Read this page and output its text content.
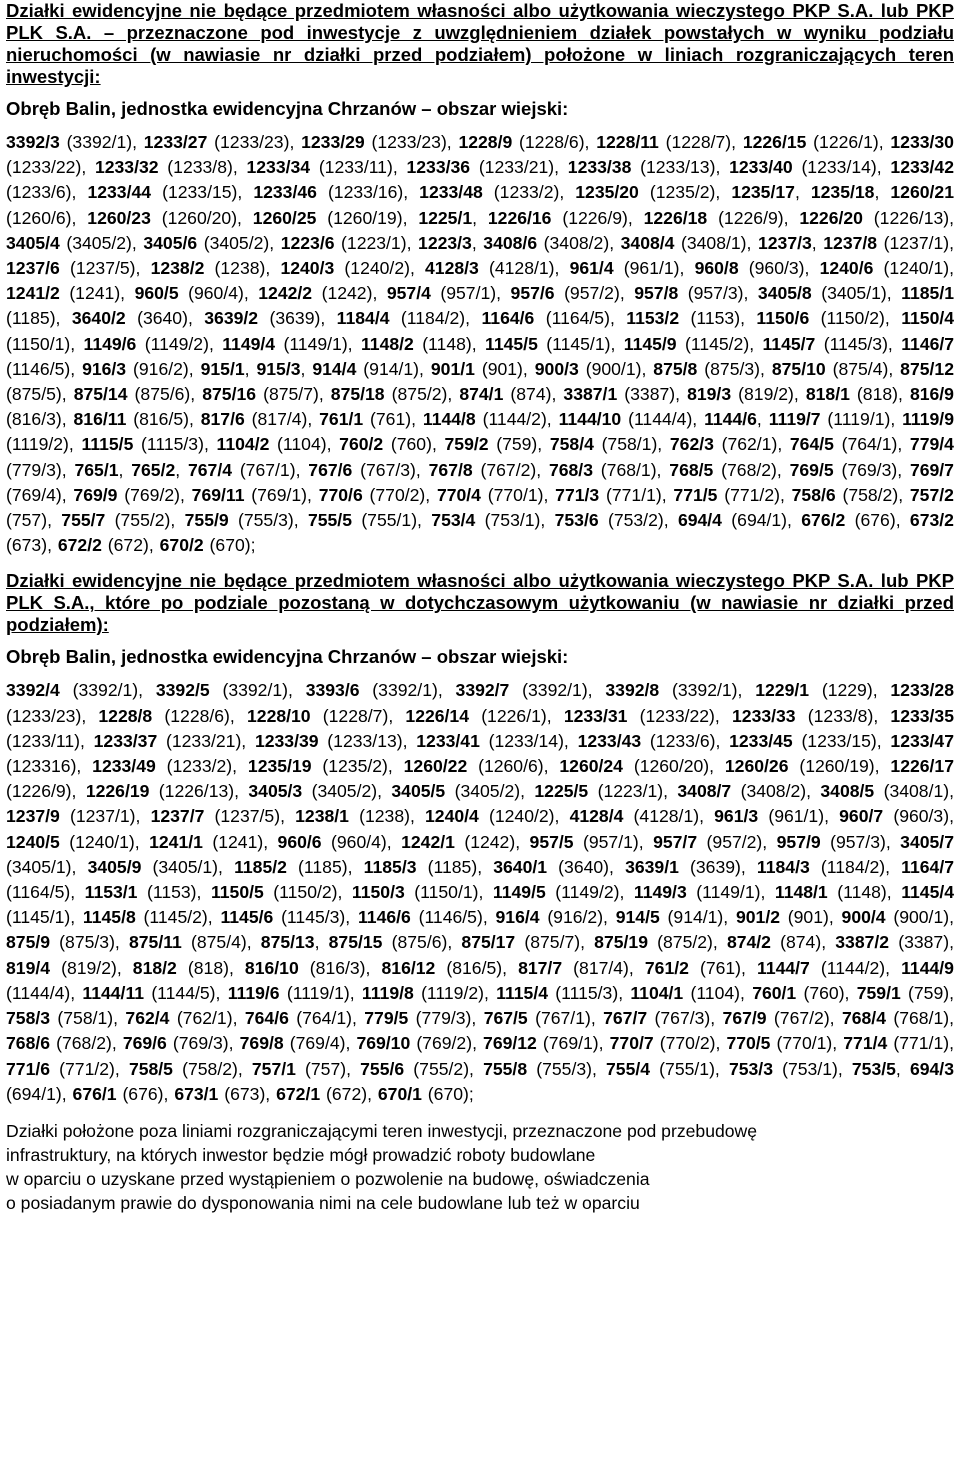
Działki ewidencyjne nie będące przedmiotem własności albo użytkowania wieczystego PKP S.A. lub PKP PLK S.A. – przeznaczone pod inwestycje z uwzględnieniem działek powstałych w wyniku podziału nieruchomości (w nawiasie nr działki przed podziałem) położone w liniach rozgraniczających teren inwestycji:

Obręb Balin, jednostka ewidencyjna Chrzanów – obszar wiejski:

3392/3 (3392/1), 1233/27 (1233/23), 1233/29 (1233/23), 1228/9 (1228/6), 1228/11 (1228/7), 1226/15 (1226/1), 1233/30 (1233/22), 1233/32 (1233/8), 1233/34 (1233/11), 1233/36 (1233/21), 1233/38 (1233/13), 1233/40 (1233/14), 1233/42 (1233/6), 1233/44 (1233/15), 1233/46 (1233/16), 1233/48 (1233/2), 1235/20 (1235/2), 1235/17, 1235/18, 1260/21 (1260/6), 1260/23 (1260/20), 1260/25 (1260/19), 1225/1, 1226/16 (1226/9), 1226/18 (1226/9), 1226/20 (1226/13), 3405/4 (3405/2), 3405/6 (3405/2), 1223/6 (1223/1), 1223/3, 3408/6 (3408/2), 3408/4 (3408/1), 1237/3, 1237/8 (1237/1), 1237/6 (1237/5), 1238/2 (1238), 1240/3 (1240/2), 4128/3 (4128/1), 961/4 (961/1), 960/8 (960/3), 1240/6 (1240/1), 1241/2 (1241), 960/5 (960/4), 1242/2 (1242), 957/4 (957/1), 957/6 (957/2), 957/8 (957/3), 3405/8 (3405/1), 1185/1 (1185), 3640/2 (3640), 3639/2 (3639), 1184/4 (1184/2), 1164/6 (1164/5), 1153/2 (1153), 1150/6 (1150/2), 1150/4 (1150/1), 1149/6 (1149/2), 1149/4 (1149/1), 1148/2 (1148), 1145/5 (1145/1), 1145/9 (1145/2), 1145/7 (1145/3), 1146/7 (1146/5), 916/3 (916/2), 915/1, 915/3, 914/4 (914/1), 901/1 (901), 900/3 (900/1), 875/8 (875/3), 875/10 (875/4), 875/12 (875/5), 875/14 (875/6), 875/16 (875/7), 875/18 (875/2), 874/1 (874), 3387/1 (3387), 819/3 (819/2), 818/1 (818), 816/9 (816/3), 816/11 (816/5), 817/6 (817/4), 761/1 (761), 1144/8 (1144/2), 1144/10 (1144/4), 1144/6, 1119/7 (1119/1), 1119/9 (1119/2), 1115/5 (1115/3), 1104/2 (1104), 760/2 (760), 759/2 (759), 758/4 (758/1), 762/3 (762/1), 764/5 (764/1), 779/4 (779/3), 765/1, 765/2, 767/4 (767/1), 767/6 (767/3), 767/8 (767/2), 768/3 (768/1), 768/5 (768/2), 769/5 (769/3), 769/7 (769/4), 769/9 (769/2), 769/11 (769/1), 770/6 (770/2), 770/4 (770/1), 771/3 (771/1), 771/5 (771/2), 758/6 (758/2), 757/2 (757), 755/7 (755/2), 755/9 (755/3), 755/5 (755/1), 753/4 (753/1), 753/6 (753/2), 694/4 (694/1), 676/2 (676), 673/2 (673), 672/2 (672), 670/2 (670);

Działki ewidencyjne nie będące przedmiotem własności albo użytkowania wieczystego PKP S.A. lub PKP PLK S.A., które po podziale pozostaną w dotychczasowym użytkowaniu (w nawiasie nr działki przed podziałem):

Obręb Balin, jednostka ewidencyjna Chrzanów – obszar wiejski:

3392/4 (3392/1), 3392/5 (3392/1), 3393/6 (3392/1), 3392/7 (3392/1), 3392/8 (3392/1), 1229/1 (1229), 1233/28 (1233/23), 1228/8 (1228/6), 1228/10 (1228/7), 1226/14 (1226/1), 1233/31 (1233/22), 1233/33 (1233/8), 1233/35 (1233/11), 1233/37 (1233/21), 1233/39 (1233/13), 1233/41 (1233/14), 1233/43 (1233/6), 1233/45 (1233/15), 1233/47 (123316), 1233/49 (1233/2), 1235/19 (1235/2), 1260/22 (1260/6), 1260/24 (1260/20), 1260/26 (1260/19), 1226/17 (1226/9), 1226/19 (1226/13), 3405/3 (3405/2), 3405/5 (3405/2), 1225/5 (1223/1), 3408/7 (3408/2), 3408/5 (3408/1), 1237/9 (1237/1), 1237/7 (1237/5), 1238/1 (1238), 1240/4 (1240/2), 4128/4 (4128/1), 961/3 (961/1), 960/7 (960/3), 1240/5 (1240/1), 1241/1 (1241), 960/6 (960/4), 1242/1 (1242), 957/5 (957/1), 957/7 (957/2), 957/9 (957/3), 3405/7 (3405/1), 3405/9 (3405/1), 1185/2 (1185), 1185/3 (1185), 3640/1 (3640), 3639/1 (3639), 1184/3 (1184/2), 1164/7 (1164/5), 1153/1 (1153), 1150/5 (1150/2), 1150/3 (1150/1), 1149/5 (1149/2), 1149/3 (1149/1), 1148/1 (1148), 1145/4 (1145/1), 1145/8 (1145/2), 1145/6 (1145/3), 1146/6 (1146/5), 916/4 (916/2), 914/5 (914/1), 901/2 (901), 900/4 (900/1), 875/9 (875/3), 875/11 (875/4), 875/13, 875/15 (875/6), 875/17 (875/7), 875/19 (875/2), 874/2 (874), 3387/2 (3387), 819/4 (819/2), 818/2 (818), 816/10 (816/3), 816/12 (816/5), 817/7 (817/4), 761/2 (761), 1144/7 (1144/2), 1144/9 (1144/4), 1144/11 (1144/5), 1119/6 (1119/1), 1119/8 (1119/2), 1115/4 (1115/3), 1104/1 (1104), 760/1 (760), 759/1 (759), 758/3 (758/1), 762/4 (762/1), 764/6 (764/1), 779/5 (779/3), 767/5 (767/1), 767/7 (767/3), 767/9 (767/2), 768/4 (768/1), 768/6 (768/2), 769/6 (769/3), 769/8 (769/4), 769/10 (769/2), 769/12 (769/1), 770/7 (770/2), 770/5 (770/1), 771/4 (771/1), 771/6 (771/2), 758/5 (758/2), 757/1 (757), 755/6 (755/2), 755/8 (755/3), 755/4 (755/1), 753/3 (753/1), 753/5, 694/3 (694/1), 676/1 (676), 673/1 (673), 672/1 (672), 670/1 (670);

Działki położone poza liniami rozgraniczającymi teren inwestycji, przeznaczone pod przebudowę
infrastruktury, na których inwestor będzie mógł prowadzić roboty budowlane
w oparciu o uzyskane przed wystąpieniem o pozwolenie na budowę, oświadczenia
o posiadanym prawie do dysponowania nimi na cele budowlane lub też w oparciu
